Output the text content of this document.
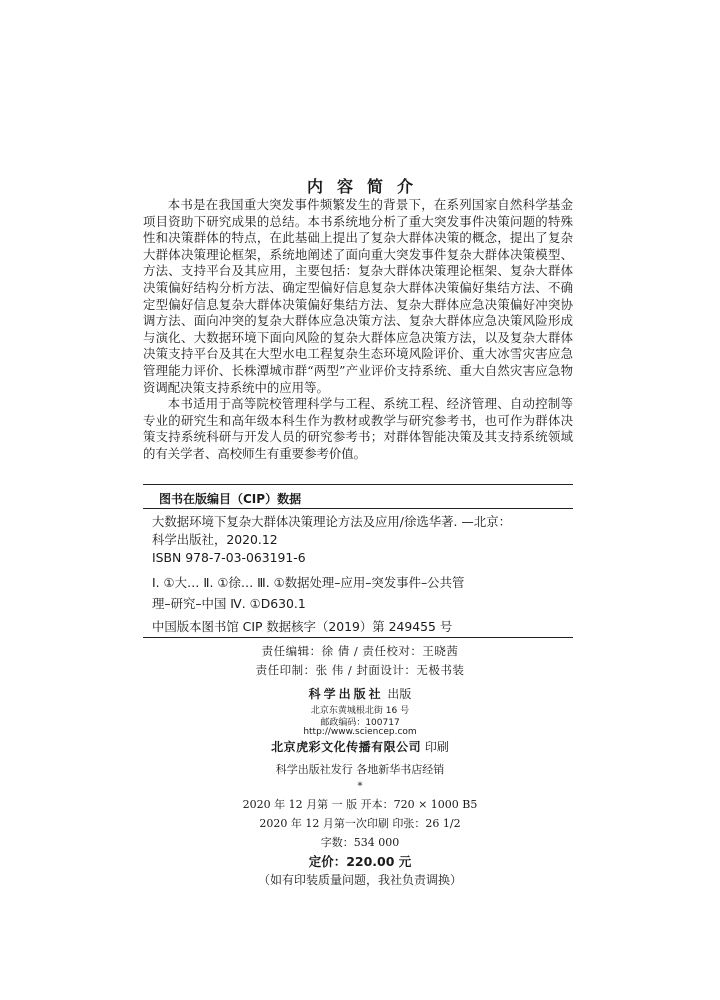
内容简介

本书是在我国重大突发事件频繁发生的背景下，在系列国家自然科学基金项目资助下研究成果的总结。本书系统地分析了重大突发事件决策问题的特殊性和决策群体的特点，在此基础上提出了复杂大群体决策的概念，提出了复杂大群体决策理论框架，系统地阐述了面向重大突发事件复杂大群体决策模型、方法、支持平台及其应用，主要包括：复杂大群体决策理论框架、复杂大群体决策偏好结构分析方法、确定型偏好信息复杂大群体决策偏好集结方法、不确定型偏好信息复杂大群体决策偏好集结方法、复杂大群体应急决策偏好冲突协调方法、面向冲突的复杂大群体应急决策方法、复杂大群体应急决策风险形成与演化、大数据环境下面向风险的复杂大群体应急决策方法，以及复杂大群体决策支持平台及其在大型水电工程复杂生态环境风险评价、重大冰雪灾害应急管理能力评价、长株潭城市群“两型”产业评价支持系统、重大自然灾害应急物资调配决策支持系统中的应用等。

本书适用于高等院校管理科学与工程、系统工程、经济管理、自动控制等专业的研究生和高年级本科生作为教材或教学与研究参考书，也可作为群体决策支持系统科研与开发人员的研究参考书；对群体智能决策及其支持系统领域的有关学者、高校师生有重要参考价值。

图书在版编目（CIP）数据
大数据环境下复杂大群体决策理论方法及应用/徐选华著. —北京：
科学出版社，2020.12
ISBN 978-7-03-063191-6
Ⅰ. ①大… Ⅱ. ①徐… Ⅲ. ①数据处理–应用–突发事件–公共管
理–研究–中国 Ⅳ. ①D630.1
中国版本图书馆 CIP 数据核字（2019）第 249455 号
责任编辑：徐 倩 / 责任校对：王晓茜
责任印制：张 伟 / 封面设计：无极书装
科学出版社 出版
北京东黄城根北街 16 号
邮政编码：100717
http://www.sciencep.com
北京虎彩文化传播有限公司 印刷
科学出版社发行 各地新华书店经销
*
2020 年 12 月第 一 版 开本：720 × 1000 B5
2020 年 12 月第一次印刷 印张：26 1/2
字数：534 000
定价：220.00 元
（如有印装质量问题，我社负责调换）
